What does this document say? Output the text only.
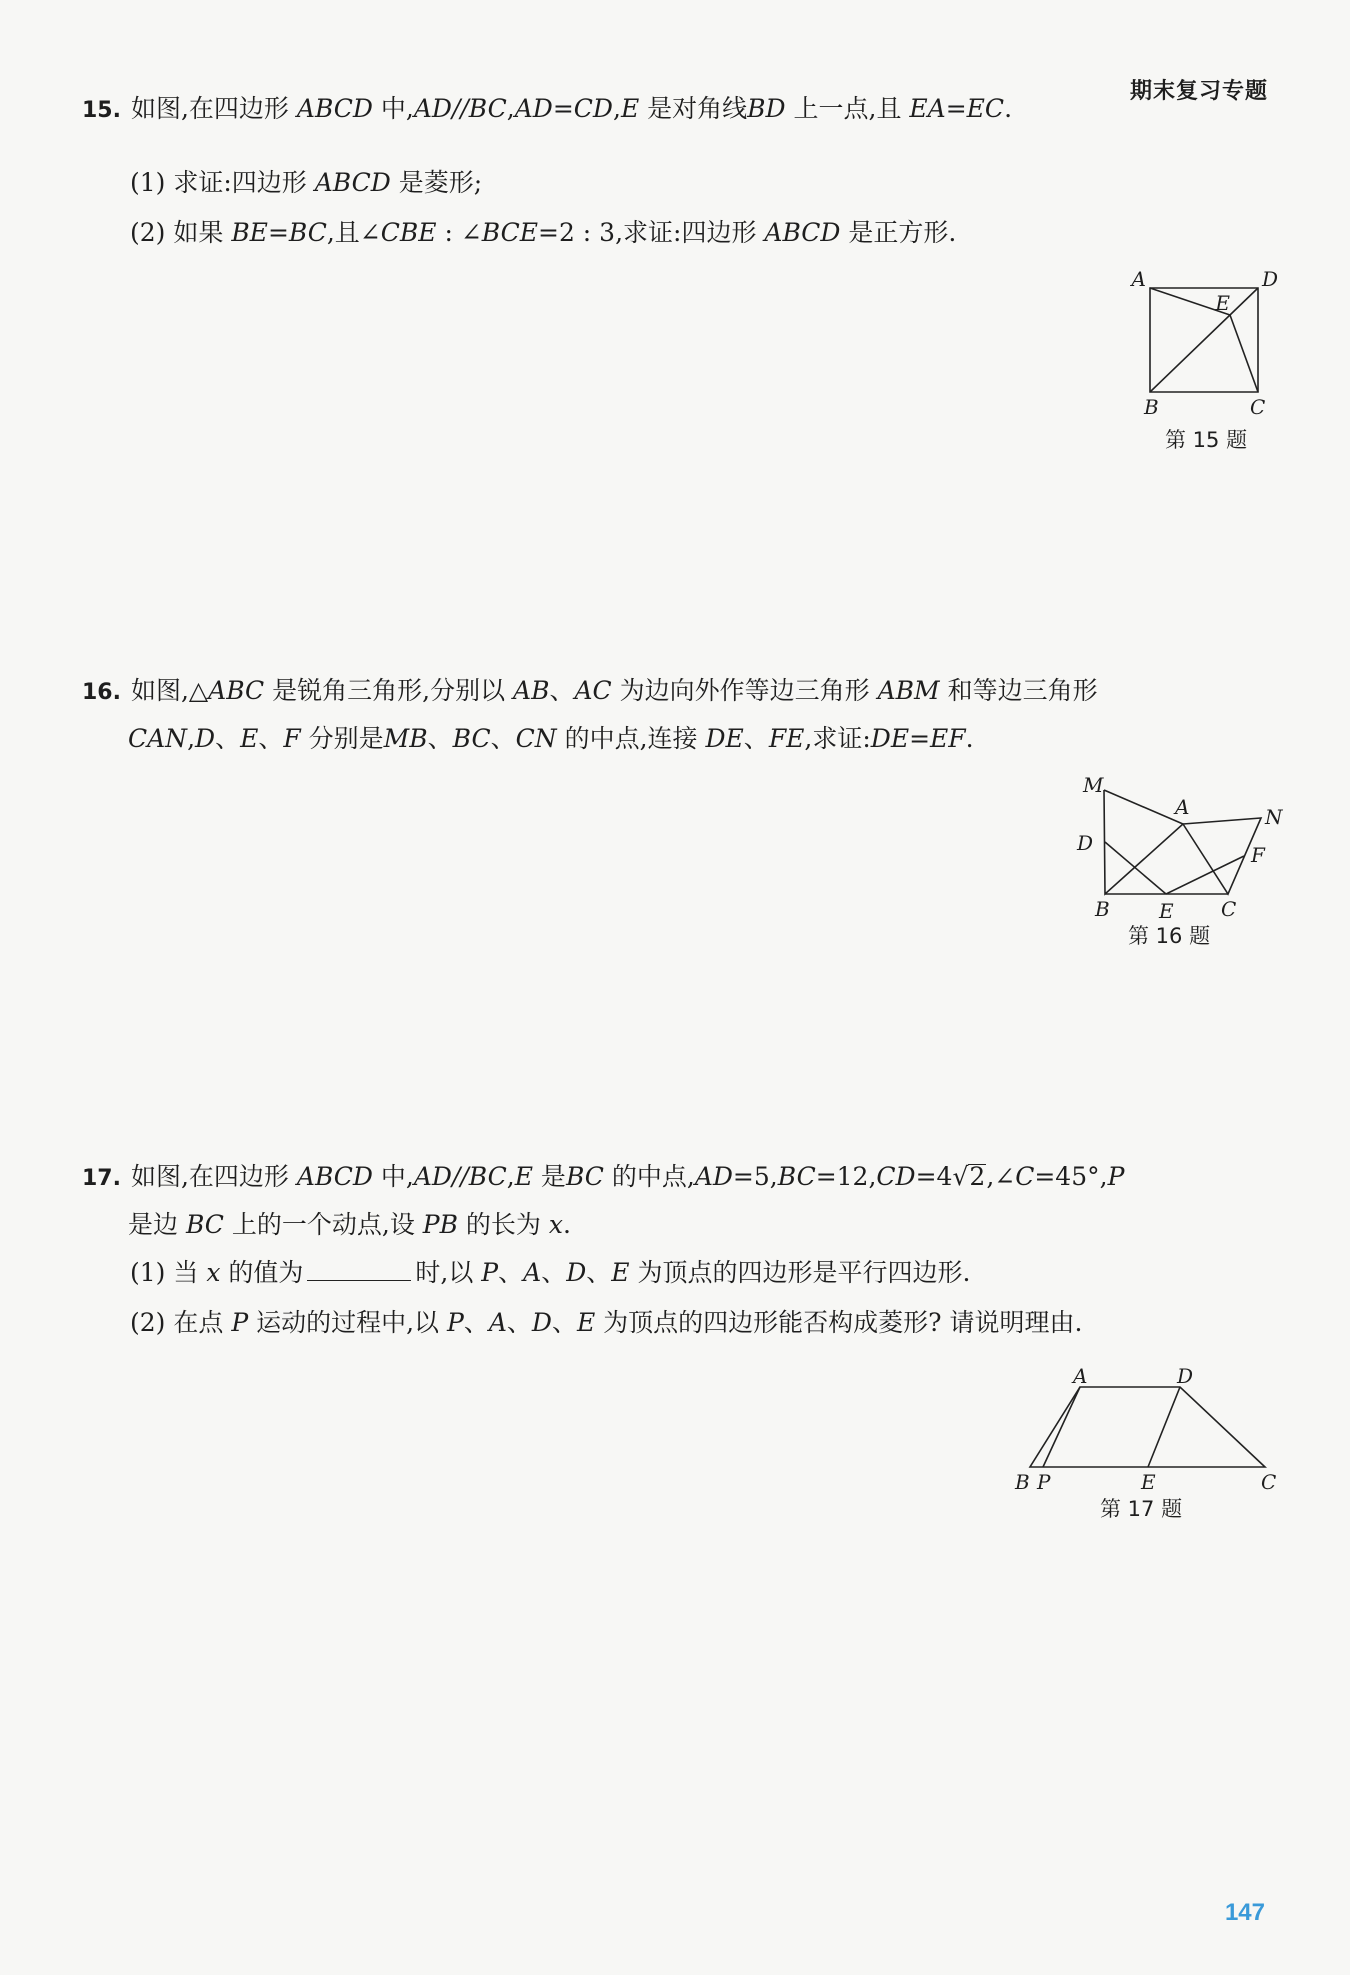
期末复习专题
15. 如图,在四边形 ABCD 中,AD//BC,AD=CD,E 是对角线BD 上一点,且 EA=EC.
(1) 求证:四边形 ABCD 是菱形;
(2) 如果 BE=BC,且∠CBE : ∠BCE=2 : 3,求证:四边形 ABCD 是正方形.
A	D
E
B	C
第 15 题
16. 如图,△ABC 是锐角三角形,分别以 AB、AC 为边向外作等边三角形 ABM 和等边三角形
CAN,D、E、F 分别是MB、BC、CN 的中点,连接 DE、FE,求证:DE=EF.
M
A	N
D	F
B E C
第 16 题
17. 如图,在四边形 ABCD 中,AD//BC,E 是BC 的中点,AD=5,BC=12,CD=4√2,∠C=45°,P
是边 BC 上的一个动点,设 PB 的长为 x.
(1) 当 x 的值为	时,以 P、A、D、E 为顶点的四边形是平行四边形.
(2) 在点 P 运动的过程中,以 P、A、D、E 为顶点的四边形能否构成菱形? 请说明理由.
A	D
B P	E	C
第 17 题
147
